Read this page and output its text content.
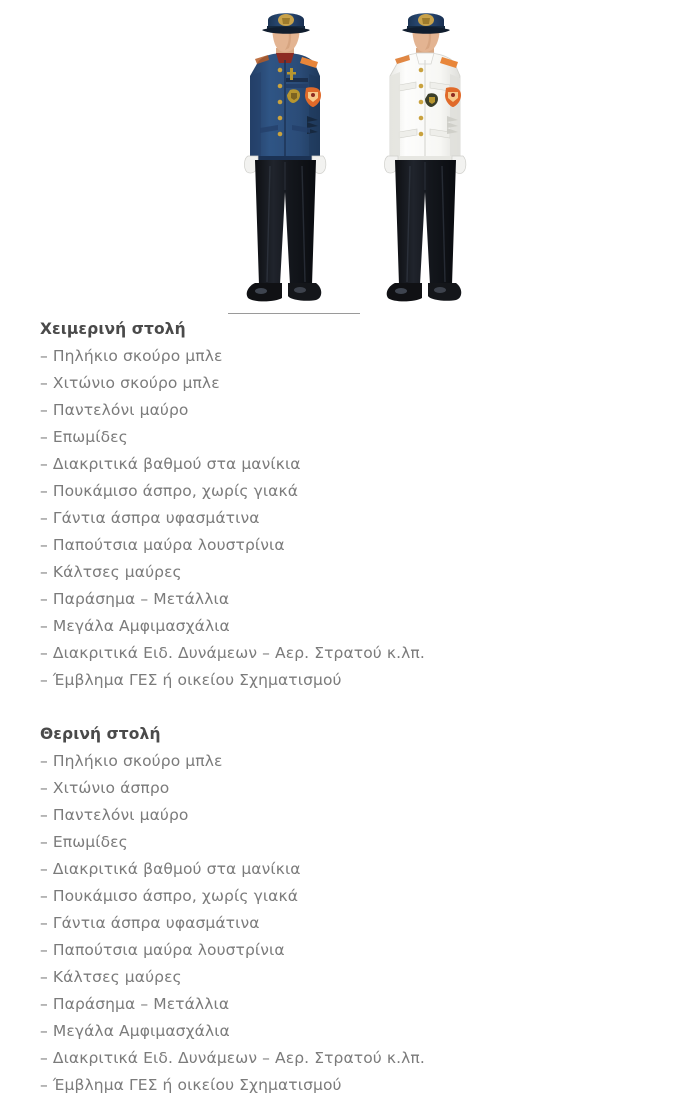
Χειμερινή στολή
– Πηλήκιο σκούρο μπλε
– Χιτώνιο σκούρο μπλε
– Παντελόνι μαύρο
– Επωμίδες
– Διακριτικά βαθμού στα μανίκια
– Πουκάμισο άσπρο, χωρίς γιακά
– Γάντια άσπρα υφασμάτινα
– Παπούτσια μαύρα λουστρίνια
– Κάλτσες μαύρες
– Παράσημα – Μετάλλια
– Μεγάλα Αμφιμασχάλια
– Διακριτικά Ειδ. Δυνάμεων – Αερ. Στρατού κ.λπ.
– Έμβλημα ΓΕΣ ή οικείου Σχηματισμού
Θερινή στολή
– Πηλήκιο σκούρο μπλε
– Χιτώνιο άσπρο
– Παντελόνι μαύρο
– Επωμίδες
– Διακριτικά βαθμού στα μανίκια
– Πουκάμισο άσπρο, χωρίς γιακά
– Γάντια άσπρα υφασμάτινα
– Παπούτσια μαύρα λουστρίνια
– Κάλτσες μαύρες
– Παράσημα – Μετάλλια
– Μεγάλα Αμφιμασχάλια
– Διακριτικά Ειδ. Δυνάμεων – Αερ. Στρατού κ.λπ.
– Έμβλημα ΓΕΣ ή οικείου Σχηματισμού
